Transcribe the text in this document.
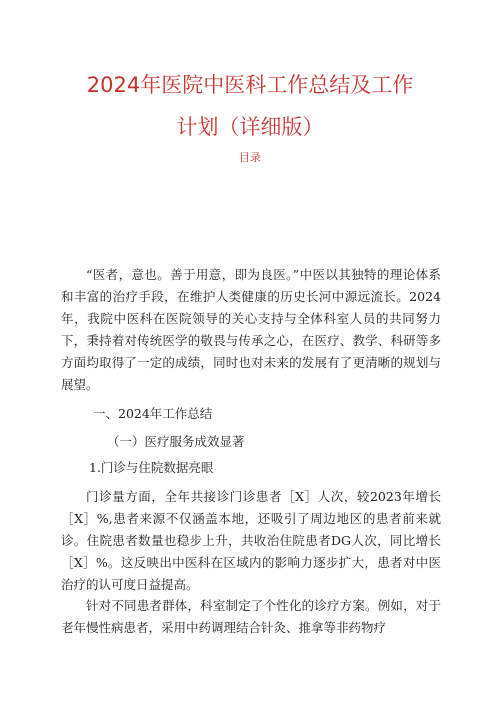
2024年医院中医科工作总结及工作
计划（详细版）
目录

“医者，意也。善于用意，即为良医。”中医以其独特的理论体系和丰富的治疗手段，在维护人类健康的历史长河中源远流长。2024年，我院中医科在医院领导的关心支持与全体科室人员的共同努力下，秉持着对传统医学的敬畏与传承之心，在医疗、教学、科研等多方面均取得了一定的成绩，同时也对未来的发展有了更清晰的规划与展望。

一、2024年工作总结

（一）医疗服务成效显著

1.门诊与住院数据亮眼

门诊量方面，全年共接诊门诊患者［X］人次，较2023年增长［X］%,患者来源不仅涵盖本地，还吸引了周边地区的患者前来就诊。住院患者数量也稳步上升，共收治住院患者DG人次，同比增长［X］%。这反映出中医科在区域内的影响力逐步扩大，患者对中医治疗的认可度日益提高。

针对不同患者群体，科室制定了个性化的诊疗方案。例如，对于老年慢性病患者，采用中药调理结合针灸、推拿等非药物疗
